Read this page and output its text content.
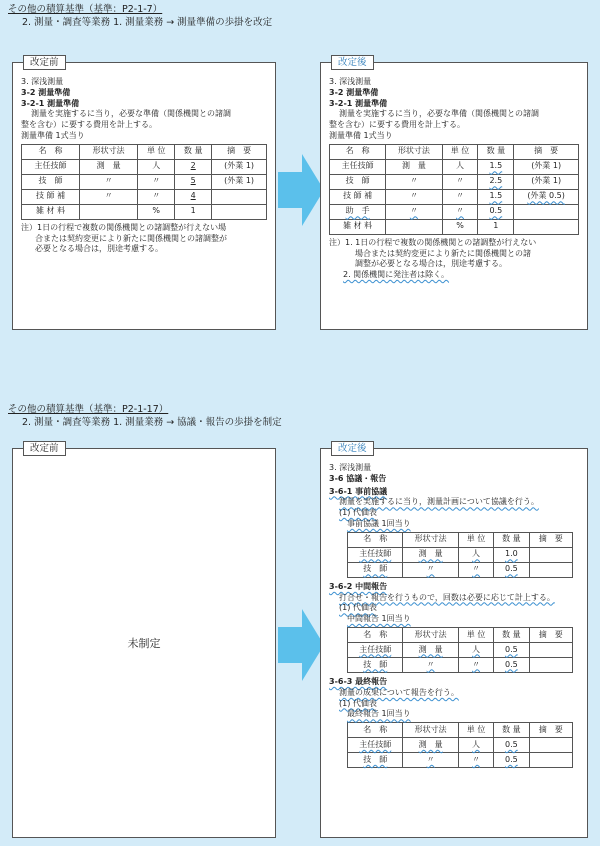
その他の積算基準（基準：P2-1-7）
2. 測量・調査等業務 1. 測量業務 → 測量準備の歩掛を改定
改定前
3. 深浅測量
3-2 測量準備
3-2-1 測量準備
測量を実施するに当り，必要な準備（関係機関との諸調
整を含む）に要する費用を計上する。
測量準備 1式当り
名　称	形状寸法	単 位	数 量	摘　要
主任技師	測　量	人	2	(外業 1)
技　師	〃	〃	5	(外業 1)
技 師 補	〃	〃	4	
雑 材 料		%	1	
注）1日の行程で複数の関係機関との諸調整が行えない場
合または契約変更により新たに関係機関との諸調整が
必要となる場合は，別途考慮する。
改定後
3. 深浅測量
3-2 測量準備
3-2-1 測量準備
測量を実施するに当り，必要な準備（関係機関との諸調
整を含む）に要する費用を計上する。
測量準備 1式当り
名　称	形状寸法	単 位	数 量	摘　要
主任技師	測　量	人	1.5	(外業 1)
技　師	〃	〃	2.5	(外業 1)
技 師 補	〃	〃	1.5	(外業 0.5)
助　手	〃	〃	0.5	
雑 材 料		%	1	
注）1. 1日の行程で複数の関係機関との諸調整が行えない
場合または契約変更により新たに関係機関との諸
調整が必要となる場合は，別途考慮する。
2. 関係機関に発注者は除く。
その他の積算基準（基準：P2-1-17）
2. 測量・調査等業務 1. 測量業務 → 協議・報告の歩掛を制定
改定前
未制定
改定後
3. 深浅測量
3-6 協議・報告
3-6-1 事前協議
測量を実施するに当り，測量計画について協議を行う。
(1) 代価表
事前協議 1回当り
名　称	形状寸法	単 位	数 量	摘　要
主任技師	測　量	人	1.0	
技　師	〃	〃	0.5	
3-6-2 中間報告
打合せ・報告を行うもので，回数は必要に応じて計上する。
(1) 代価表
中間報告 1回当り
名　称	形状寸法	単 位	数 量	摘　要
主任技師	測　量	人	0.5	
技　師	〃	〃	0.5	
3-6-3 最終報告
測量の成果について報告を行う。
(1) 代価表
最終報告 1回当り
名　称	形状寸法	単 位	数 量	摘　要
主任技師	測　量	人	0.5	
技　師	〃	〃	0.5	
